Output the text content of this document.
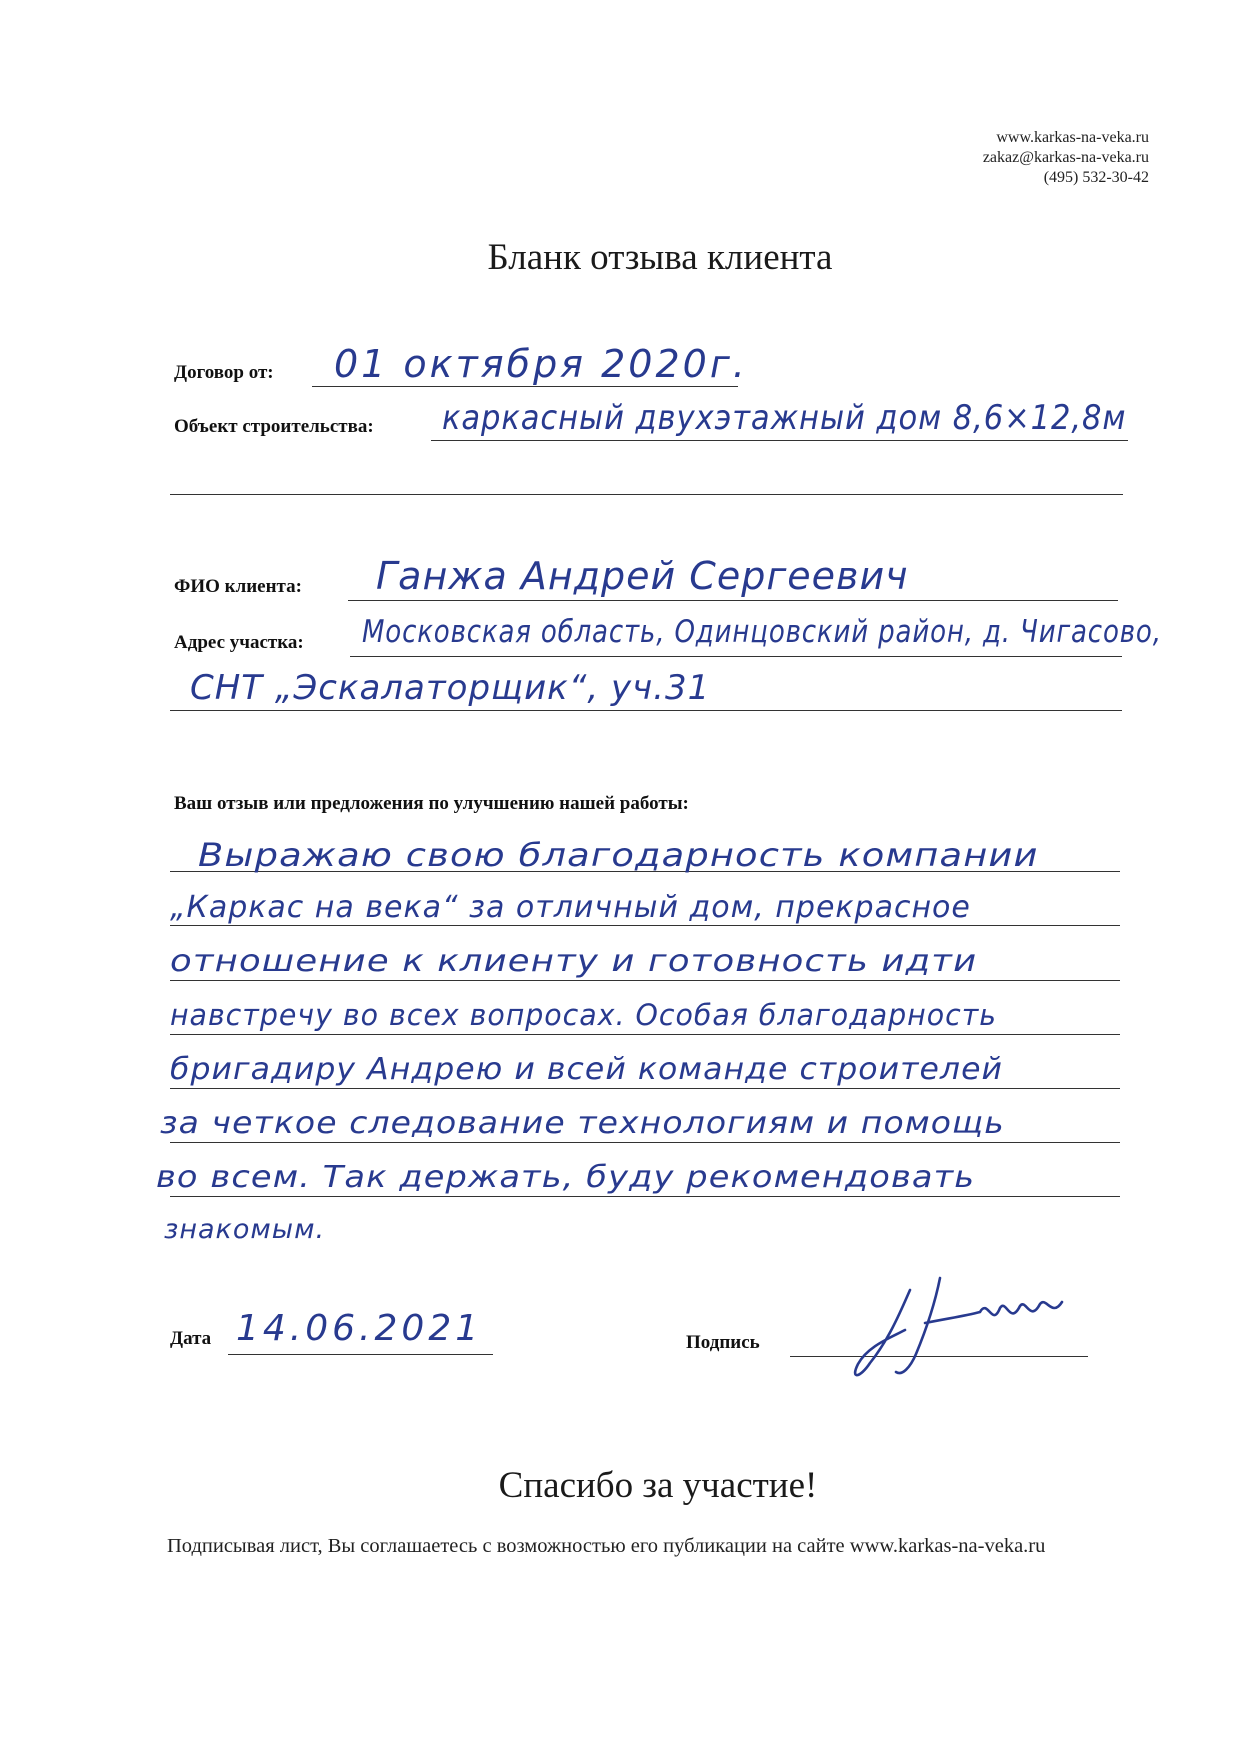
www.karkas-na-veka.ru
zakaz@karkas-na-veka.ru
(495) 532-30-42
Бланк отзыва клиента
Договор от: 01 октября 2020г.
Объект строительства: каркасный двухэтажный дом 8,6×12,8м
ФИО клиента: Ганжа Андрей Сергеевич
Адрес участка: Московская область, Одинцовский район, д. Чигасово,
СНТ „Эскалаторщик“, уч.31
Ваш отзыв или предложения по улучшению нашей работы:
Выражаю свою благодарность компании
„Каркас на века“ за отличный дом, прекрасное
отношение к клиенту и готовность идти
навстречу во всех вопросах. Особая благодарность
бригадиру Андрею и всей команде строителей
за четкое следование технологиям и помощь
во всем. Так держать, буду рекомендовать
знакомым.
Дата 14.06.2021	Подпись
Спасибо за участие!
Подписывая лист, Вы соглашаетесь с возможностью его публикации на сайте www.karkas-na-veka.ru
